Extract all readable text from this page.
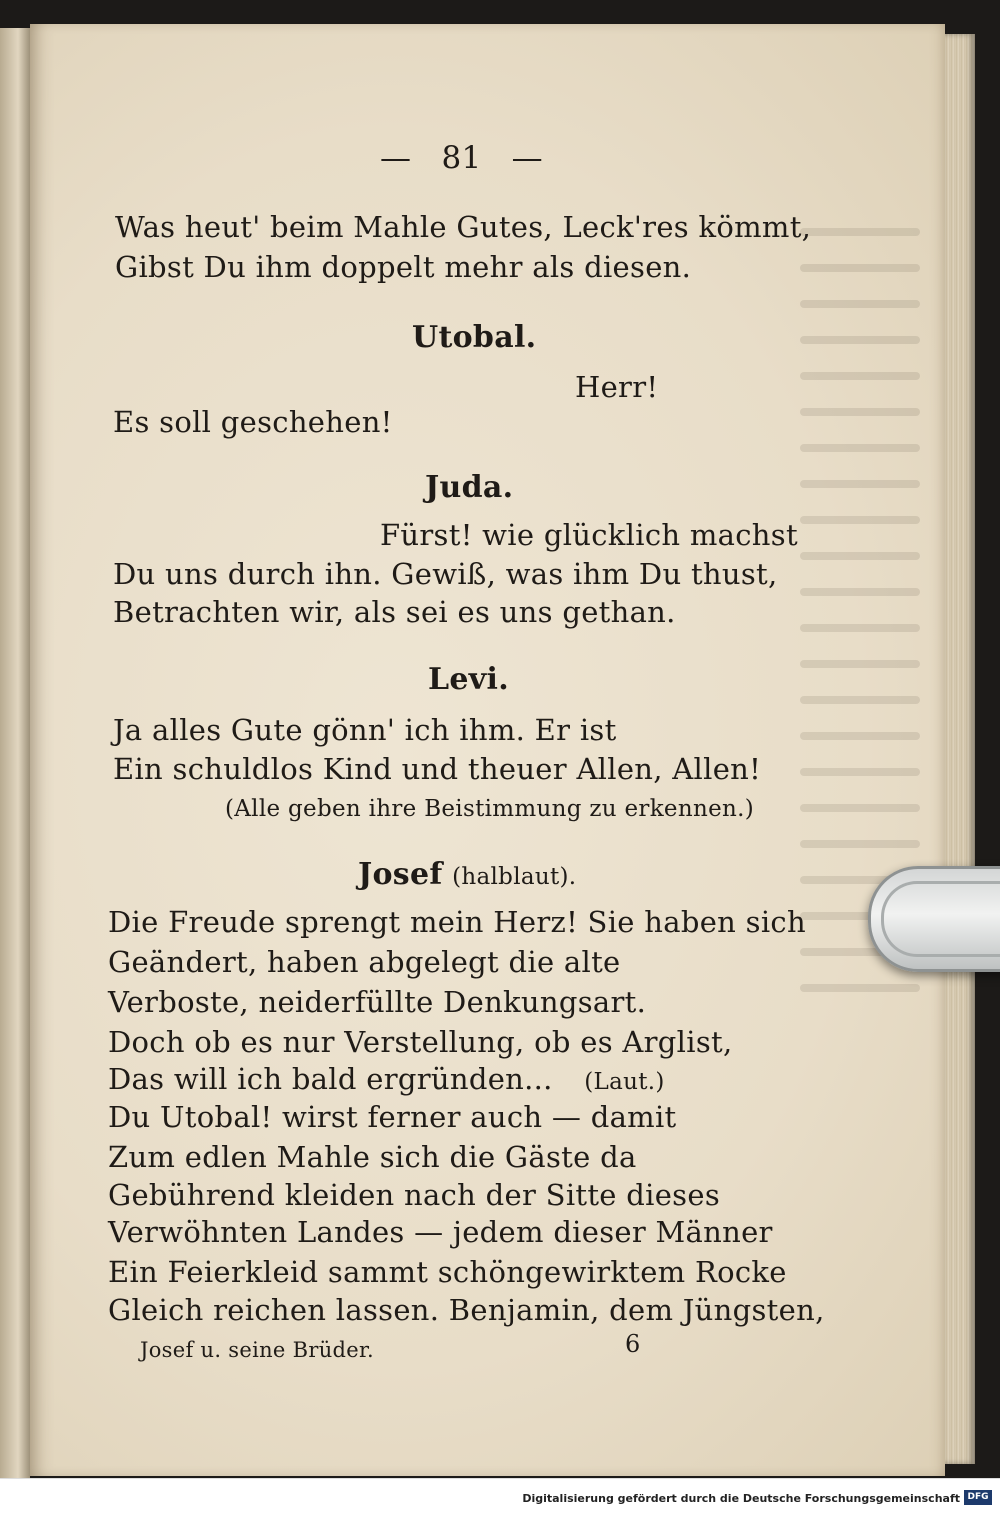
— 81 —
Was heut' beim Mahle Gutes, Leck'res kömmt,
Gibst Du ihm doppelt mehr als diesen.
Utobal.
Herr!
Es soll geschehen!
Juda.
Fürst! wie glücklich machst
Du uns durch ihn. Gewiß, was ihm Du thust,
Betrachten wir, als sei es uns gethan.
Levi.
Ja alles Gute gönn' ich ihm. Er ist
Ein schuldlos Kind und theuer Allen, Allen!
(Alle geben ihre Beistimmung zu erkennen.)
Josef (halblaut).
Die Freude sprengt mein Herz! Sie haben sich
Geändert, haben abgelegt die alte
Verboste, neiderfüllte Denkungsart.
Doch ob es nur Verstellung, ob es Arglist,
Das will ich bald ergründen... (Laut.)
Du Utobal! wirst ferner auch — damit
Zum edlen Mahle sich die Gäste da
Gebührend kleiden nach der Sitte dieses
Verwöhnten Landes — jedem dieser Männer
Ein Feierkleid sammt schöngewirktem Rocke
Gleich reichen lassen. Benjamin, dem Jüngsten,
Josef u. seine Brüder.	6
Digitalisierung gefördert durch die Deutsche Forschungsgemeinschaft DFG
